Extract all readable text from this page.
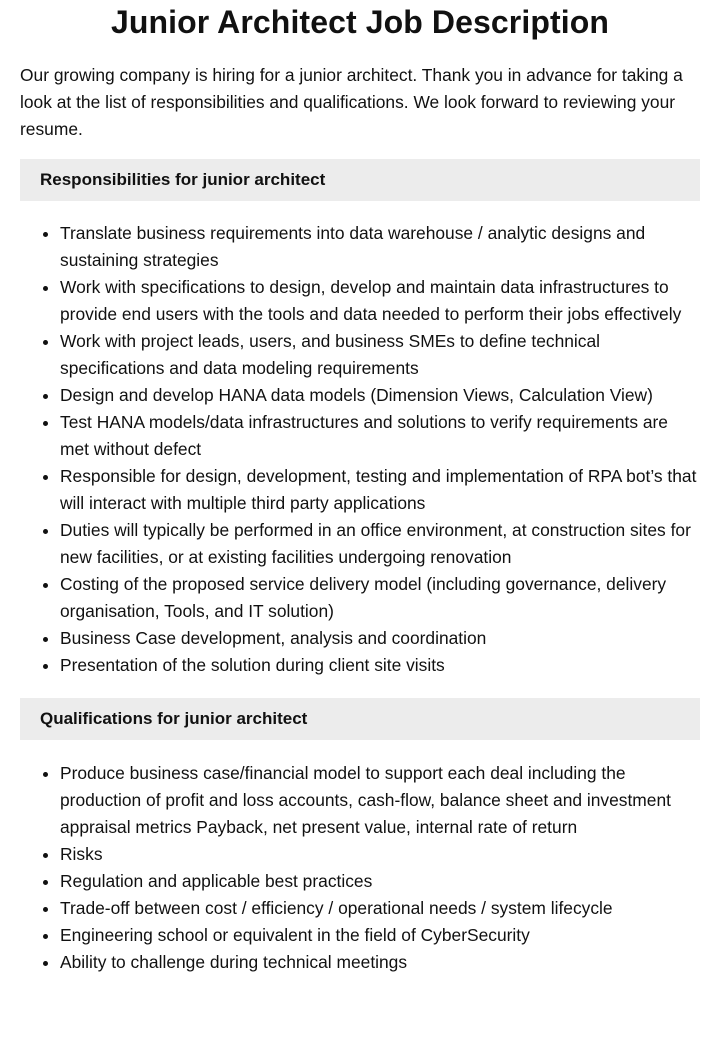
Junior Architect Job Description

Our growing company is hiring for a junior architect. Thank you in advance for taking a look at the list of responsibilities and qualifications. We look forward to reviewing your resume.

Responsibilities for junior architect
• Translate business requirements into data warehouse / analytic designs and sustaining strategies
• Work with specifications to design, develop and maintain data infrastructures to provide end users with the tools and data needed to perform their jobs effectively
• Work with project leads, users, and business SMEs to define technical specifications and data modeling requirements
• Design and develop HANA data models (Dimension Views, Calculation View)
• Test HANA models/data infrastructures and solutions to verify requirements are met without defect
• Responsible for design, development, testing and implementation of RPA bot’s that will interact with multiple third party applications
• Duties will typically be performed in an office environment, at construction sites for new facilities, or at existing facilities undergoing renovation
• Costing of the proposed service delivery model (including governance, delivery organisation, Tools, and IT solution)
• Business Case development, analysis and coordination
• Presentation of the solution during client site visits
Qualifications for junior architect
• Produce business case/financial model to support each deal including the production of profit and loss accounts, cash-flow, balance sheet and investment appraisal metrics Payback, net present value, internal rate of return
• Risks
• Regulation and applicable best practices
• Trade-off between cost / efficiency / operational needs / system lifecycle
• Engineering school or equivalent in the field of CyberSecurity
• Ability to challenge during technical meetings
